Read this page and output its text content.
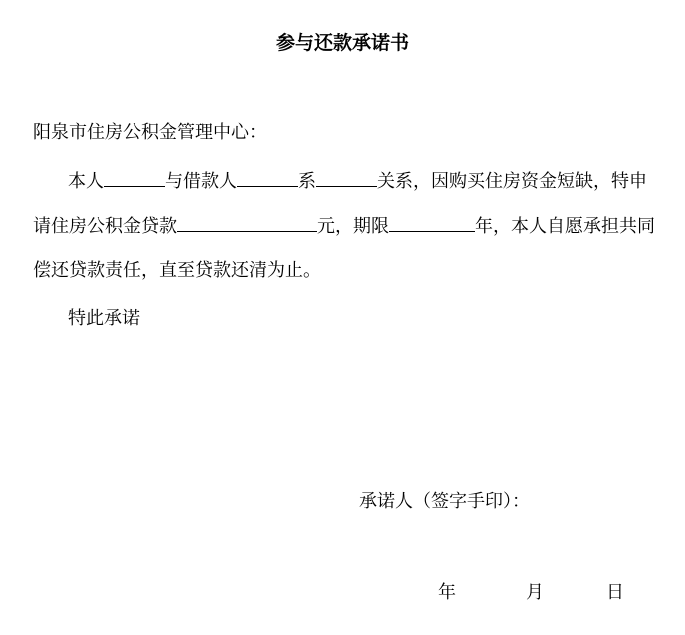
参与还款承诺书
阳泉市住房公积金管理中心：
本人	与借款人	系	关系，因购买住房资金短缺，特申
请住房公积金贷款	元，期限	年，本人自愿承担共同
偿还贷款责任，直至贷款还清为止。
特此承诺
承诺人（签字手印）：
年	月	日
